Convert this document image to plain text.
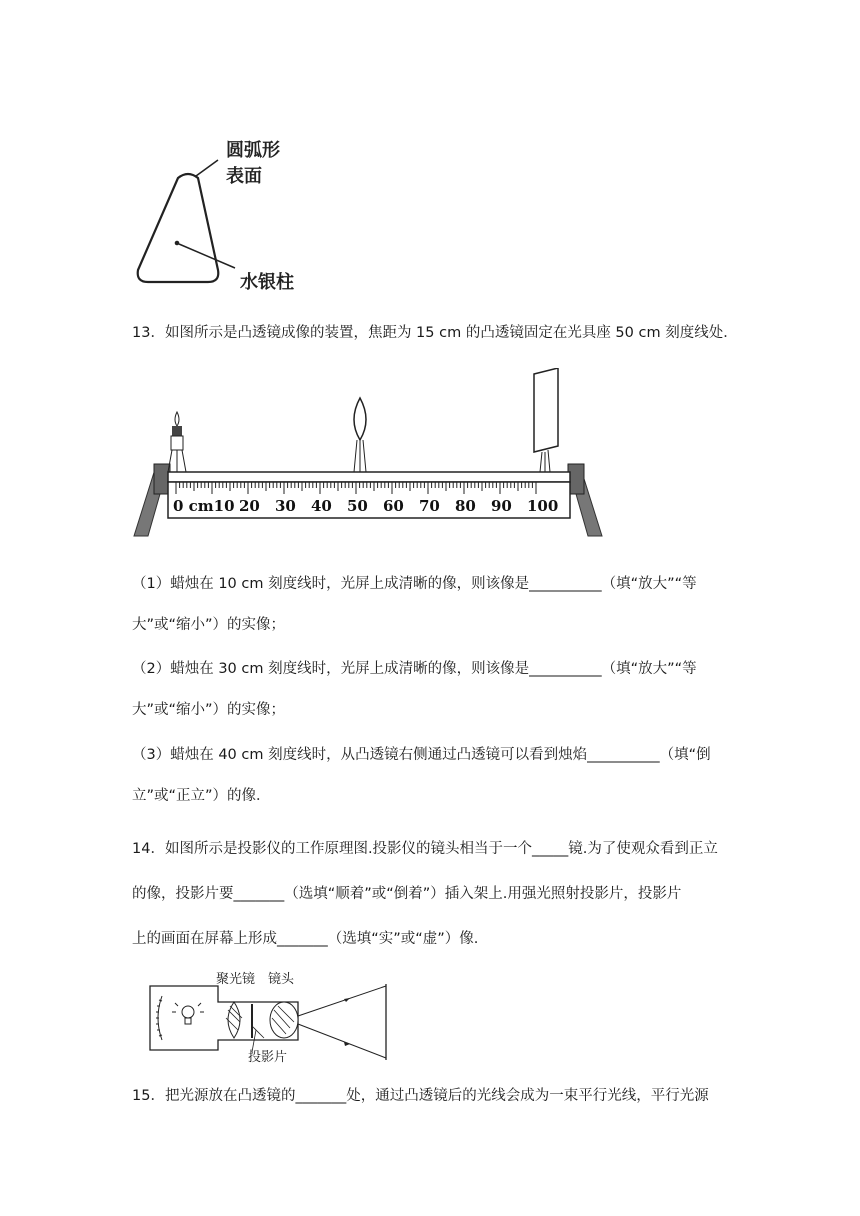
圆弧形
表面
水银柱
13．如图所示是凸透镜成像的装置，焦距为 15 cm 的凸透镜固定在光具座 50 cm 刻度线处．
0 cm10 20 30 40 50 60 70 80 90 100
（1）蜡烛在 10 cm 刻度线时，光屏上成清晰的像，则该像是__________（填“放大”“等
大”或“缩小”）的实像；
（2）蜡烛在 30 cm 刻度线时，光屏上成清晰的像，则该像是__________（填“放大”“等
大”或“缩小”）的实像；
（3）蜡烛在 40 cm 刻度线时，从凸透镜右侧通过凸透镜可以看到烛焰__________（填“倒
立”或“正立”）的像．
14．如图所示是投影仪的工作原理图.投影仪的镜头相当于一个_____镜.为了使观众看到正立
的像，投影片要_______（选填“顺着”或“倒着”）插入架上.用强光照射投影片，投影片
上的画面在屏幕上形成_______（选填“实”或“虚”）像.
聚光镜 镜头
投影片
15．把光源放在凸透镜的_______处，通过凸透镜后的光线会成为一束平行光线，平行光源
